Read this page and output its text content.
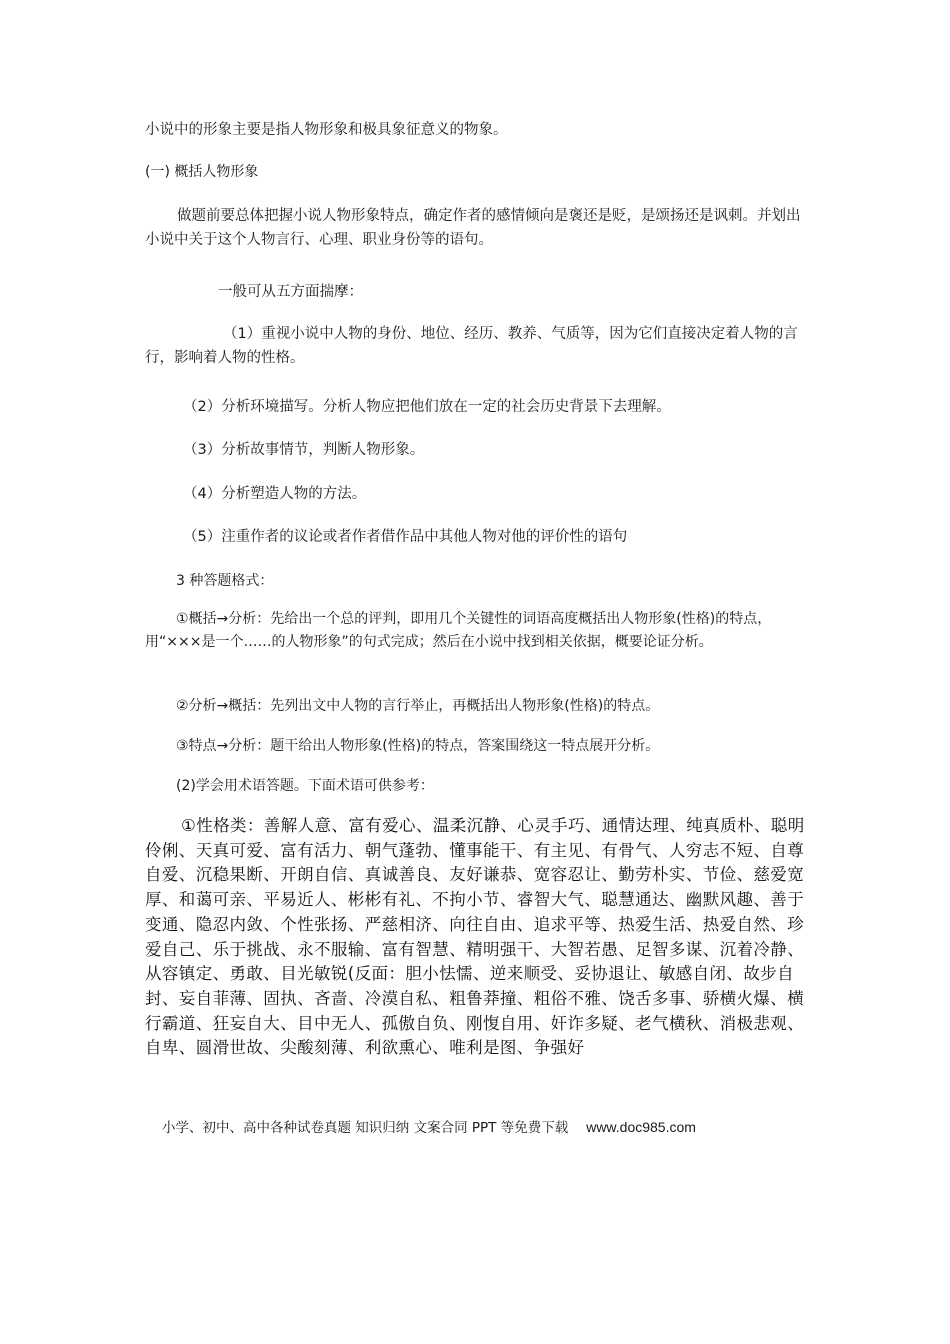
小说中的形象主要是指人物形象和极具象征意义的物象。

(一) 概括人物形象

做题前要总体把握小说人物形象特点，确定作者的感情倾向是褒还是贬，是颂扬还是讽刺。并划出小说中关于这个人物言行、心理、职业身份等的语句。

一般可从五方面揣摩：

（1）重视小说中人物的身份、地位、经历、教养、气质等，因为它们直接决定着人物的言行，影响着人物的性格。

（2）分析环境描写。分析人物应把他们放在一定的社会历史背景下去理解。

（3）分析故事情节，判断人物形象。

（4）分析塑造人物的方法。

（5）注重作者的议论或者作者借作品中其他人物对他的评价性的语句

3 种答题格式：

①概括→分析：先给出一个总的评判，即用几个关键性的词语高度概括出人物形象(性格)的特点，用“×××是一个……的人物形象”的句式完成；然后在小说中找到相关依据，概要论证分析。

②分析→概括：先列出文中人物的言行举止，再概括出人物形象(性格)的特点。

③特点→分析：题干给出人物形象(性格)的特点，答案围绕这一特点展开分析。

(2)学会用术语答题。下面术语可供参考：

①性格类：善解人意、富有爱心、温柔沉静、心灵手巧、通情达理、纯真质朴、聪明伶俐、天真可爱、富有活力、朝气蓬勃、懂事能干、有主见、有骨气、人穷志不短、自尊自爱、沉稳果断、开朗自信、真诚善良、友好谦恭、宽容忍让、勤劳朴实、节俭、慈爱宽厚、和蔼可亲、平易近人、彬彬有礼、不拘小节、睿智大气、聪慧通达、幽默风趣、善于变通、隐忍内敛、个性张扬、严慈相济、向往自由、追求平等、热爱生活、热爱自然、珍爱自己、乐于挑战、永不服输、富有智慧、精明强干、大智若愚、足智多谋、沉着冷静、从容镇定、勇敢、目光敏锐(反面：胆小怯懦、逆来顺受、妥协退让、敏感自闭、故步自封、妄自菲薄、固执、吝啬、冷漠自私、粗鲁莽撞、粗俗不雅、饶舌多事、骄横火爆、横行霸道、狂妄自大、目中无人、孤傲自负、刚愎自用、奸诈多疑、老气横秋、消极悲观、自卑、圆滑世故、尖酸刻薄、利欲熏心、唯利是图、争强好

小学、初中、高中各种试卷真题 知识归纳 文案合同 PPT 等免费下载 www.doc985.com
